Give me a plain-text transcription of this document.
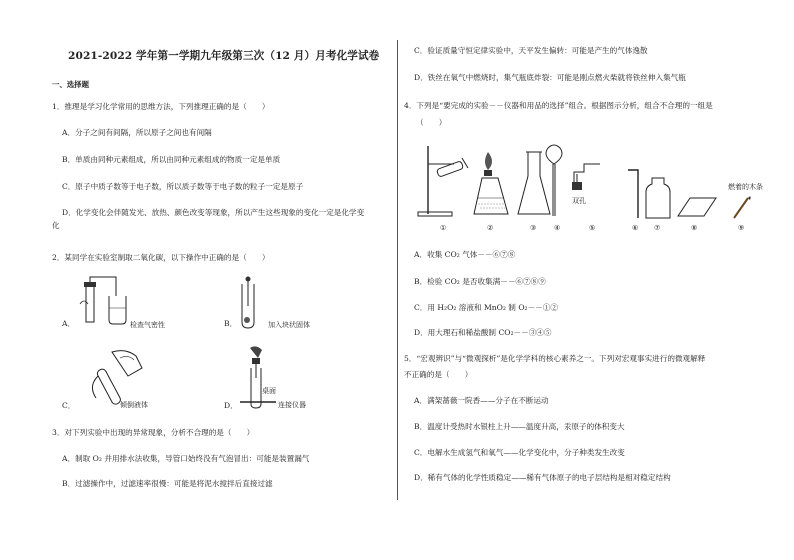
2021-2022 学年第一学期九年级第三次（12 月）月考化学试卷
一、选择题
1．推理是学习化学常用的思维方法，下列推理正确的是（　　）
A．分子之间有间隔，所以原子之间也有间隔
B．单质由同种元素组成，所以由同种元素组成的物质一定是单质
C．原子中质子数等于电子数，所以质子数等于电子数的粒子一定是原子
D．化学变化会伴随发光、放热、颜色改变等现象，所以产生这些现象的变化一定是化学变
化
2．某同学在实验室制取二氧化碳，以下操作中正确的是（　　）
A．	检查气密性	B．	加入块状固体
C．	倾倒液体	D．
桌面
连接仪器
3．对下列实验中出现的异常现象，分析不合理的是（　　）
A．制取 O₂ 并用排水法收集，导管口始终没有气泡冒出：可能是装置漏气
B．过滤操作中，过滤速率很慢：可能是将泥水搅拌后直接过滤
C．验证质量守恒定律实验中，天平发生偏转：可能是产生的气体逸散
D．铁丝在氧气中燃烧时，集气瓶底炸裂：可能是刚点燃火柴就将铁丝伸入集气瓶
4．下列是“要完成的实验－－仪器和用品的选择”组合。根据图示分析，组合不合理的一组是
（　　）
双孔
燃着的木条
①	②	③	④	⑤	⑥ ⑦	⑧	⑨
A．收集 CO₂ 气体－－⑥⑦⑧
B．检验 CO₂ 是否收集满－－⑥⑦⑧⑨
C．用 H₂O₂ 溶液和 MnO₂ 制 O₂－－①②
D．用大理石和稀盐酸制 CO₂－－③④⑤
5．“宏观辨识”与“微观探析”是化学学科的核心素养之一。下列对宏观事实进行的微观解释
不正确的是（　　）
A．满架蔷薇一院香——分子在不断运动
B．温度计受热时水银柱上升——温度升高，汞原子的体积变大
C．电解水生成氢气和氧气——化学变化中，分子种类发生改变
D．稀有气体的化学性质稳定——稀有气体原子的电子层结构是相对稳定结构
